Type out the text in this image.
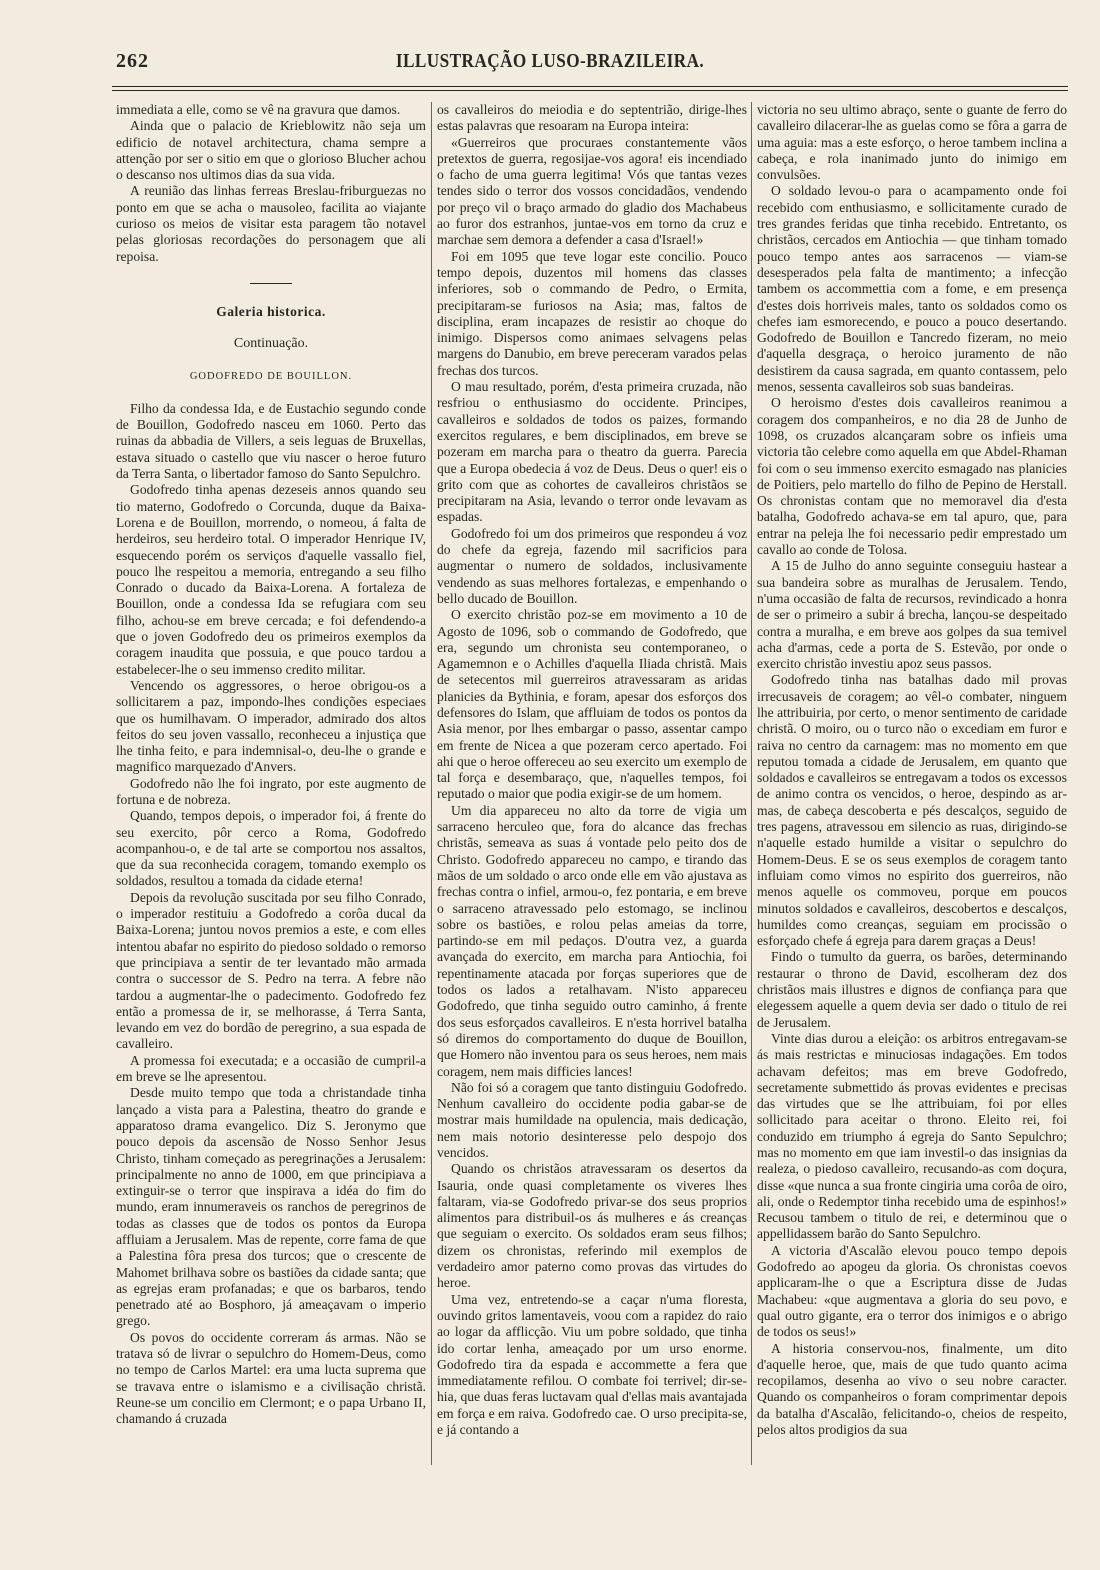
262	ILLUSTRAÇÃO LUSO-BRAZILEIRA.

immediata a elle, como se vê na gravura que damos.

Ainda que o palacio de Krieblowitz não seja um edificio de notavel architectura, chama sempre a attenção por ser o sitio em que o glorioso Blucher achou o descanso nos ultimos dias da sua vida.

A reunião das linhas ferreas Breslau-friburguezas no ponto em que se acha o mausoleo, facilita ao viajante curioso os meios de visitar esta paragem tão notavel pelas gloriosas recordações do personagem que ali repoisa.

Galeria historica.
Continuação.
GODOFREDO DE BOUILLON.

Filho da condessa Ida, e de Eustachio segundo conde de Bouillon, Godofredo nasceu em 1060. Perto das ruinas da abbadia de Villers, a seis leguas de Bruxellas, estava situado o castello que viu nascer o heroe futuro da Terra Santa, o libertador famoso do Santo Sepulchro.

Godofredo tinha apenas dezeseis annos quando seu tio materno, Godofredo o Corcunda, duque da Baixa-Lorena e de Bouillon, morrendo, o nomeou, á falta de herdeiros, seu herdeiro total. O imperador Henrique IV, esquecendo porém os serviços d'aquelle vassallo fiel, pouco lhe respeitou a memoria, entregando a seu filho Conrado o ducado da Baixa-Lorena. A fortaleza de Bouillon, onde a condessa Ida se refugiara com seu filho, achou-se em breve cercada; e foi defendendo-a que o joven Godofredo deu os primeiros exemplos da coragem inaudita que possuia, e que pouco tardou a estabelecer-lhe o seu immenso credito militar.

Vencendo os aggressores, o heroe obrigou-os a sollicitarem a paz, impondo-lhes condições especiaes que os humilhavam. O imperador, admirado dos altos feitos do seu joven vassallo, reconheceu a injustiça que lhe tinha feito, e para indemnisal-o, deu-lhe o grande e magnifico marquezado d'Anvers.

Godofredo não lhe foi ingrato, por este augmento de fortuna e de nobreza.

Quando, tempos depois, o imperador foi, á frente do seu exercito, pôr cerco a Roma, Godofredo acompanhou-o, e de tal arte se comportou nos assaltos, que da sua reconhecida coragem, tomando exemplo os soldados, resultou a tomada da cidade eterna!

Depois da revolução suscitada por seu filho Conrado, o imperador restituiu a Godofredo a corôa ducal da Baixa-Lorena; juntou novos premios a este, e com elles intentou abafar no espirito do piedoso soldado o remorso que principiava a sentir de ter levantado mão armada contra o successor de S. Pedro na terra. A febre não tardou a augmentar-lhe o padecimento. Godofredo fez então a promessa de ir, se melhorasse, á Terra Santa, levando em vez do bordão de peregrino, a sua espada de cavalleiro.

A promessa foi executada; e a occasião de cumpril-a em breve se lhe apresentou.

Desde muito tempo que toda a christandade tinha lançado a vista para a Palestina, theatro do grande e apparatoso drama evangelico. Diz S. Jeronymo que pouco depois da ascensão de Nosso Senhor Jesus Christo, tinham começado as peregrinações a Jerusalem: principalmente no anno de 1000, em que principiava a extinguir-se o terror que inspirava a idéa do fim do mundo, eram innumeraveis os ranchos de peregrinos de todas as classes que de todos os pontos da Europa affluiam a Jerusalem. Mas de repente, corre fama de que a Palestina fôra presa dos turcos; que o crescente de Mahomet brilhava sobre os bastiões da cidade santa; que as egrejas eram profanadas; e que os barbaros, tendo penetrado até ao Bosphoro, já ameaçavam o imperio grego.

Os povos do occidente correram ás armas. Não se tratava só de livrar o sepulchro do Homem-Deus, como no tempo de Carlos Martel: era uma lucta suprema que se travava entre o islamismo e a civilisação christã. Reune-se um concilio em Clermont; e o papa Urbano II, chamando á cruzada

os cavalleiros do meiodia e do septentrião, dirige-lhes estas palavras que resoaram na Europa inteira:

«Guerreiros que procuraes constantemente vãos pretextos de guerra, regosijae-vos agora! eis incendiado o facho de uma guerra legitima! Vós que tantas vezes tendes sido o terror dos vossos concidadãos, vendendo por preço vil o braço armado do gladio dos Machabeus ao furor dos estranhos, juntae-vos em torno da cruz e marchae sem demora a defender a casa d'Israel!»

Foi em 1095 que teve logar este concilio. Pouco tempo depois, duzentos mil homens das classes inferiores, sob o commando de Pedro, o Ermita, precipitaram-se furiosos na Asia; mas, faltos de disciplina, eram incapazes de resistir ao choque do inimigo. Dispersos como animaes selvagens pelas margens do Danubio, em breve pereceram varados pelas frechas dos turcos.

O mau resultado, porém, d'esta primeira cruzada, não resfriou o enthusiasmo do occidente. Principes, cavalleiros e soldados de todos os paizes, formando exercitos regulares, e bem disciplinados, em breve se pozeram em marcha para o theatro da guerra. Parecia que a Europa obedecia á voz de Deus. Deus o quer! eis o grito com que as cohortes de cavalleiros christãos se precipitaram na Asia, levando o terror onde levavam as espadas.

Godofredo foi um dos primeiros que respondeu á voz do chefe da egreja, fazendo mil sacrificios para augmentar o numero de soldados, inclusivamente vendendo as suas melhores fortalezas, e empenhando o bello ducado de Bouillon.

O exercito christão poz-se em movimento a 10 de Agosto de 1096, sob o commando de Godofredo, que era, segundo um chronista seu contemporaneo, o Agamemnon e o Achilles d'aquella Iliada christã. Mais de setecentos mil guerreiros atravessaram as aridas planicies da Bythinia, e foram, apesar dos esforços dos defensores do Islam, que affluiam de todos os pontos da Asia menor, por lhes embargar o passo, assentar campo em frente de Nicea a que pozeram cerco apertado. Foi ahi que o heroe offereceu ao seu exercito um exemplo de tal força e desembaraço, que, n'aquelles tempos, foi reputado o maior que podia exigir-se de um homem.

Um dia appareceu no alto da torre de vigia um sarraceno herculeo que, fora do alcance das frechas christãs, semeava as suas á vontade pelo peito dos de Christo. Godofredo appareceu no campo, e tirando das mãos de um soldado o arco onde elle em vão ajustava as frechas contra o infiel, armou-o, fez pontaria, e em breve o sarraceno atravessado pelo estomago, se inclinou sobre os bastiões, e rolou pelas ameias da torre, partindo-se em mil pedaços. D'outra vez, a guarda avançada do exercito, em marcha para Antiochia, foi repentinamente atacada por forças superiores que de todos os lados a retalhavam. N'isto appareceu Godofredo, que tinha seguido outro caminho, á frente dos seus esforçados cavalleiros. E n'esta horrivel batalha só diremos do comportamento do duque de Bouillon, que Homero não inventou para os seus heroes, nem mais coragem, nem mais difficies lances!

Não foi só a coragem que tanto distinguiu Godofredo. Nenhum cavalleiro do occidente podia gabar-se de mostrar mais humildade na opulencia, mais dedicação, nem mais notorio desinteresse pelo despojo dos vencidos.

Quando os christãos atravessaram os desertos da Isauria, onde quasi completamente os viveres lhes faltaram, via-se Godofredo privar-se dos seus proprios alimentos para distribuil-os ás mulheres e ás creanças que seguiam o exercito. Os soldados eram seus filhos; dizem os chronistas, referindo mil exemplos de verdadeiro amor paterno como provas das virtudes do heroe.

Uma vez, entretendo-se a caçar n'uma floresta, ouvindo gritos lamentaveis, voou com a rapidez do raio ao logar da afflicção. Viu um pobre soldado, que tinha ido cortar lenha, ameaçado por um urso enorme. Godofredo tira da espada e accommette a fera que immediatamente refilou. O combate foi terrivel; dir-se-hia, que duas feras luctavam qual d'ellas mais avantajada em força e em raiva. Godofredo cae. O urso precipita-se, e já contando a

victoria no seu ultimo abraço, sente o guante de ferro do cavalleiro dilacerar-lhe as guelas como se fôra a garra de uma aguia: mas a este esforço, o heroe tambem inclina a cabeça, e rola inanimado junto do inimigo em convulsões.

O soldado levou-o para o acampamento onde foi recebido com enthusiasmo, e sollicitamente curado de tres grandes feridas que tinha recebido. Entretanto, os christãos, cercados em Antiochia — que tinham tomado pouco tempo antes aos sarracenos — viam-se desesperados pela falta de mantimento; a infecção tambem os accommettia com a fome, e em presença d'estes dois horriveis males, tanto os soldados como os chefes iam esmorecendo, e pouco a pouco desertando. Godofredo de Bouillon e Tancredo fizeram, no meio d'aquella desgraça, o heroico juramento de não desistirem da causa sagrada, em quanto contassem, pelo menos, sessenta cavalleiros sob suas bandeiras.

O heroismo d'estes dois cavalleiros reanimou a coragem dos companheiros, e no dia 28 de Junho de 1098, os cruzados alcançaram sobre os infieis uma victoria tão celebre como aquella em que Abdel-Rhaman foi com o seu immenso exercito esmagado nas planicies de Poitiers, pelo martello do filho de Pepino de Herstall. Os chronistas contam que no memoravel dia d'esta batalha, Godofredo achava-se em tal apuro, que, para entrar na peleja lhe foi necessario pedir emprestado um cavallo ao conde de Tolosa.

A 15 de Julho do anno seguinte conseguiu hastear a sua bandeira sobre as muralhas de Jerusalem. Tendo, n'uma occasião de falta de recursos, revindicado a honra de ser o primeiro a subir á brecha, lançou-se despeitado contra a muralha, e em breve aos golpes da sua temivel acha d'armas, cede a porta de S. Estevão, por onde o exercito christão investiu apoz seus passos.

Godofredo tinha nas batalhas dado mil provas irrecusaveis de coragem; ao vêl-o combater, ninguem lhe attribuiria, por certo, o menor sentimento de caridade christã. O moiro, ou o turco não o excediam em furor e raiva no centro da carnagem: mas no momento em que reputou tomada a cidade de Jerusalem, em quanto que soldados e cavalleiros se entregavam a todos os excessos de animo contra os vencidos, o heroe, despindo as armas, de cabeça descoberta e pés descalços, seguido de tres pagens, atravessou em silencio as ruas, dirigindo-se n'aquelle estado humilde a visitar o sepulchro do Homem-Deus. E se os seus exemplos de coragem tanto influiam como vimos no espirito dos guerreiros, não menos aquelle os commoveu, porque em poucos minutos soldados e cavalleiros, descobertos e descalços, humildes como creanças, seguiam em procissão o esforçado chefe á egreja para darem graças a Deus!

Findo o tumulto da guerra, os barões, determinando restaurar o throno de David, escolheram dez dos christãos mais illustres e dignos de confiança para que elegessem aquelle a quem devia ser dado o titulo de rei de Jerusalem.

Vinte dias durou a eleição: os arbitros entregavam-se ás mais restrictas e minuciosas indagações. Em todos achavam defeitos; mas em breve Godofredo, secretamente submettido ás provas evidentes e precisas das virtudes que se lhe attribuiam, foi por elles sollicitado para aceitar o throno. Eleito rei, foi conduzido em triumpho á egreja do Santo Sepulchro; mas no momento em que iam investil-o das insignias da realeza, o piedoso cavalleiro, recusando-as com doçura, disse «que nunca a sua fronte cingiria uma corôa de oiro, ali, onde o Redemptor tinha recebido uma de espinhos!» Recusou tambem o titulo de rei, e determinou que o appellidassem barão do Santo Sepulchro.

A victoria d'Ascalão elevou pouco tempo depois Godofredo ao apogeu da gloria. Os chronistas coevos applicaram-lhe o que a Escriptura disse de Judas Machabeu: «que augmentava a gloria do seu povo, e qual outro gigante, era o terror dos inimigos e o abrigo de todos os seus!»

A historia conservou-nos, finalmente, um dito d'aquelle heroe, que, mais de que tudo quanto acima recopilamos, desenha ao vivo o seu nobre caracter. Quando os companheiros o foram comprimentar depois da batalha d'Ascalão, felicitando-o, cheios de respeito, pelos altos prodigios da sua
